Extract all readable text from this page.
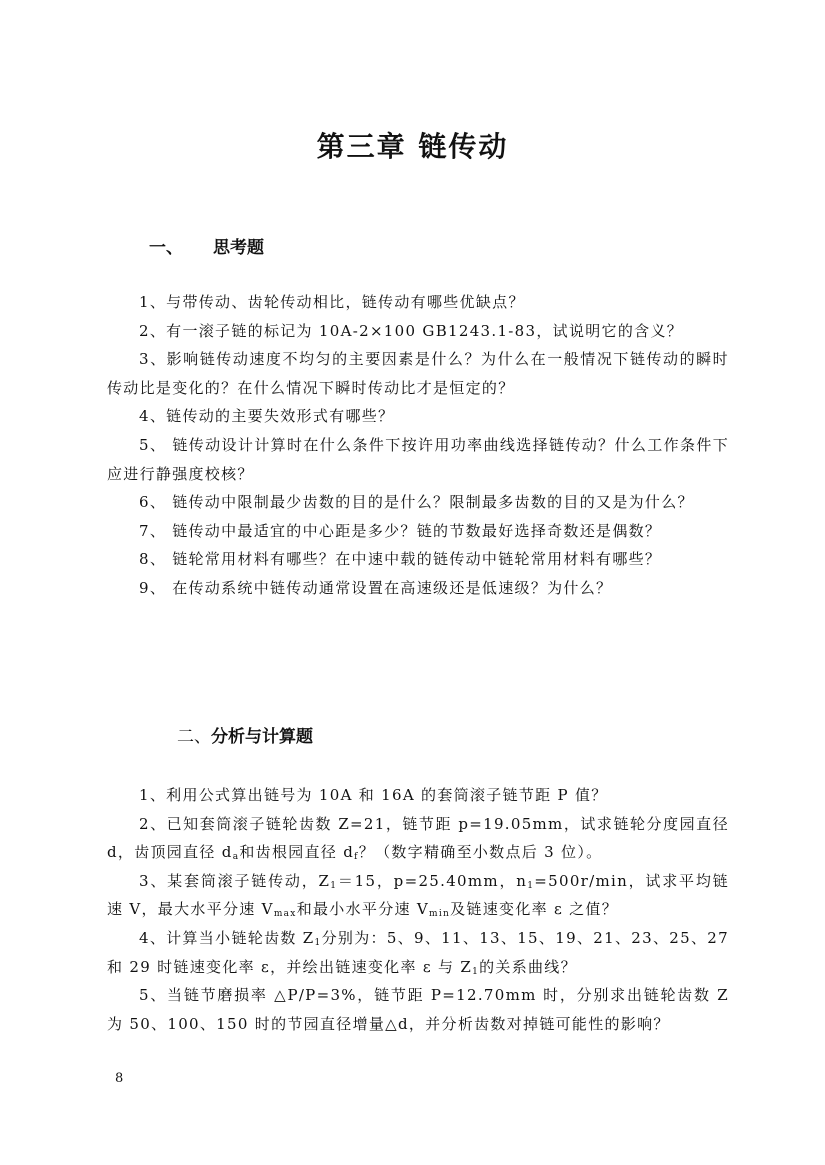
第三章 链传动
一、 思考题

1、与带传动、齿轮传动相比，链传动有哪些优缺点？

2、有一滚子链的标记为 10A-2×100 GB1243.1-83，试说明它的含义？

3、影响链传动速度不均匀的主要因素是什么？为什么在一般情况下链传动的瞬时传动比是变化的？在什么情况下瞬时传动比才是恒定的？

4、链传动的主要失效形式有哪些？

5、 链传动设计计算时在什么条件下按许用功率曲线选择链传动？什么工作条件下应进行静强度校核？

6、 链传动中限制最少齿数的目的是什么？限制最多齿数的目的又是为什么？

7、 链传动中最适宜的中心距是多少？链的节数最好选择奇数还是偶数？

8、 链轮常用材料有哪些？在中速中载的链传动中链轮常用材料有哪些？

9、 在传动系统中链传动通常设置在高速级还是低速级？为什么？

二、分析与计算题

1、利用公式算出链号为 10A 和 16A 的套筒滚子链节距 P 值？

2、已知套筒滚子链轮齿数 Z=21，链节距 p=19.05mm，试求链轮分度园直径 d，齿顶园直径 $d_a$和齿根园直径 $d_f$？（数字精确至小数点后 3 位）。

3、某套筒滚子链传动，$Z_1=15$，p=25.40mm，$n_1=500r/\min$，试求平均链速 V，最大水平分速 $V_{max}$和最小水平分速 $V_{min}$及链速变化率 ε 之值？

4、计算当小链轮齿数 $Z_1$分别为：5、9、11、13、15、19、21、23、25、27 和 29 时链速变化率 ε，并绘出链速变化率 ε 与 $Z_1$的关系曲线？

5、当链节磨损率 △P/P=3%，链节距 P=12.70mm 时，分别求出链轮齿数 Z 为 50、100、150 时的节园直径增量△d，并分析齿数对掉链可能性的影响？

8
